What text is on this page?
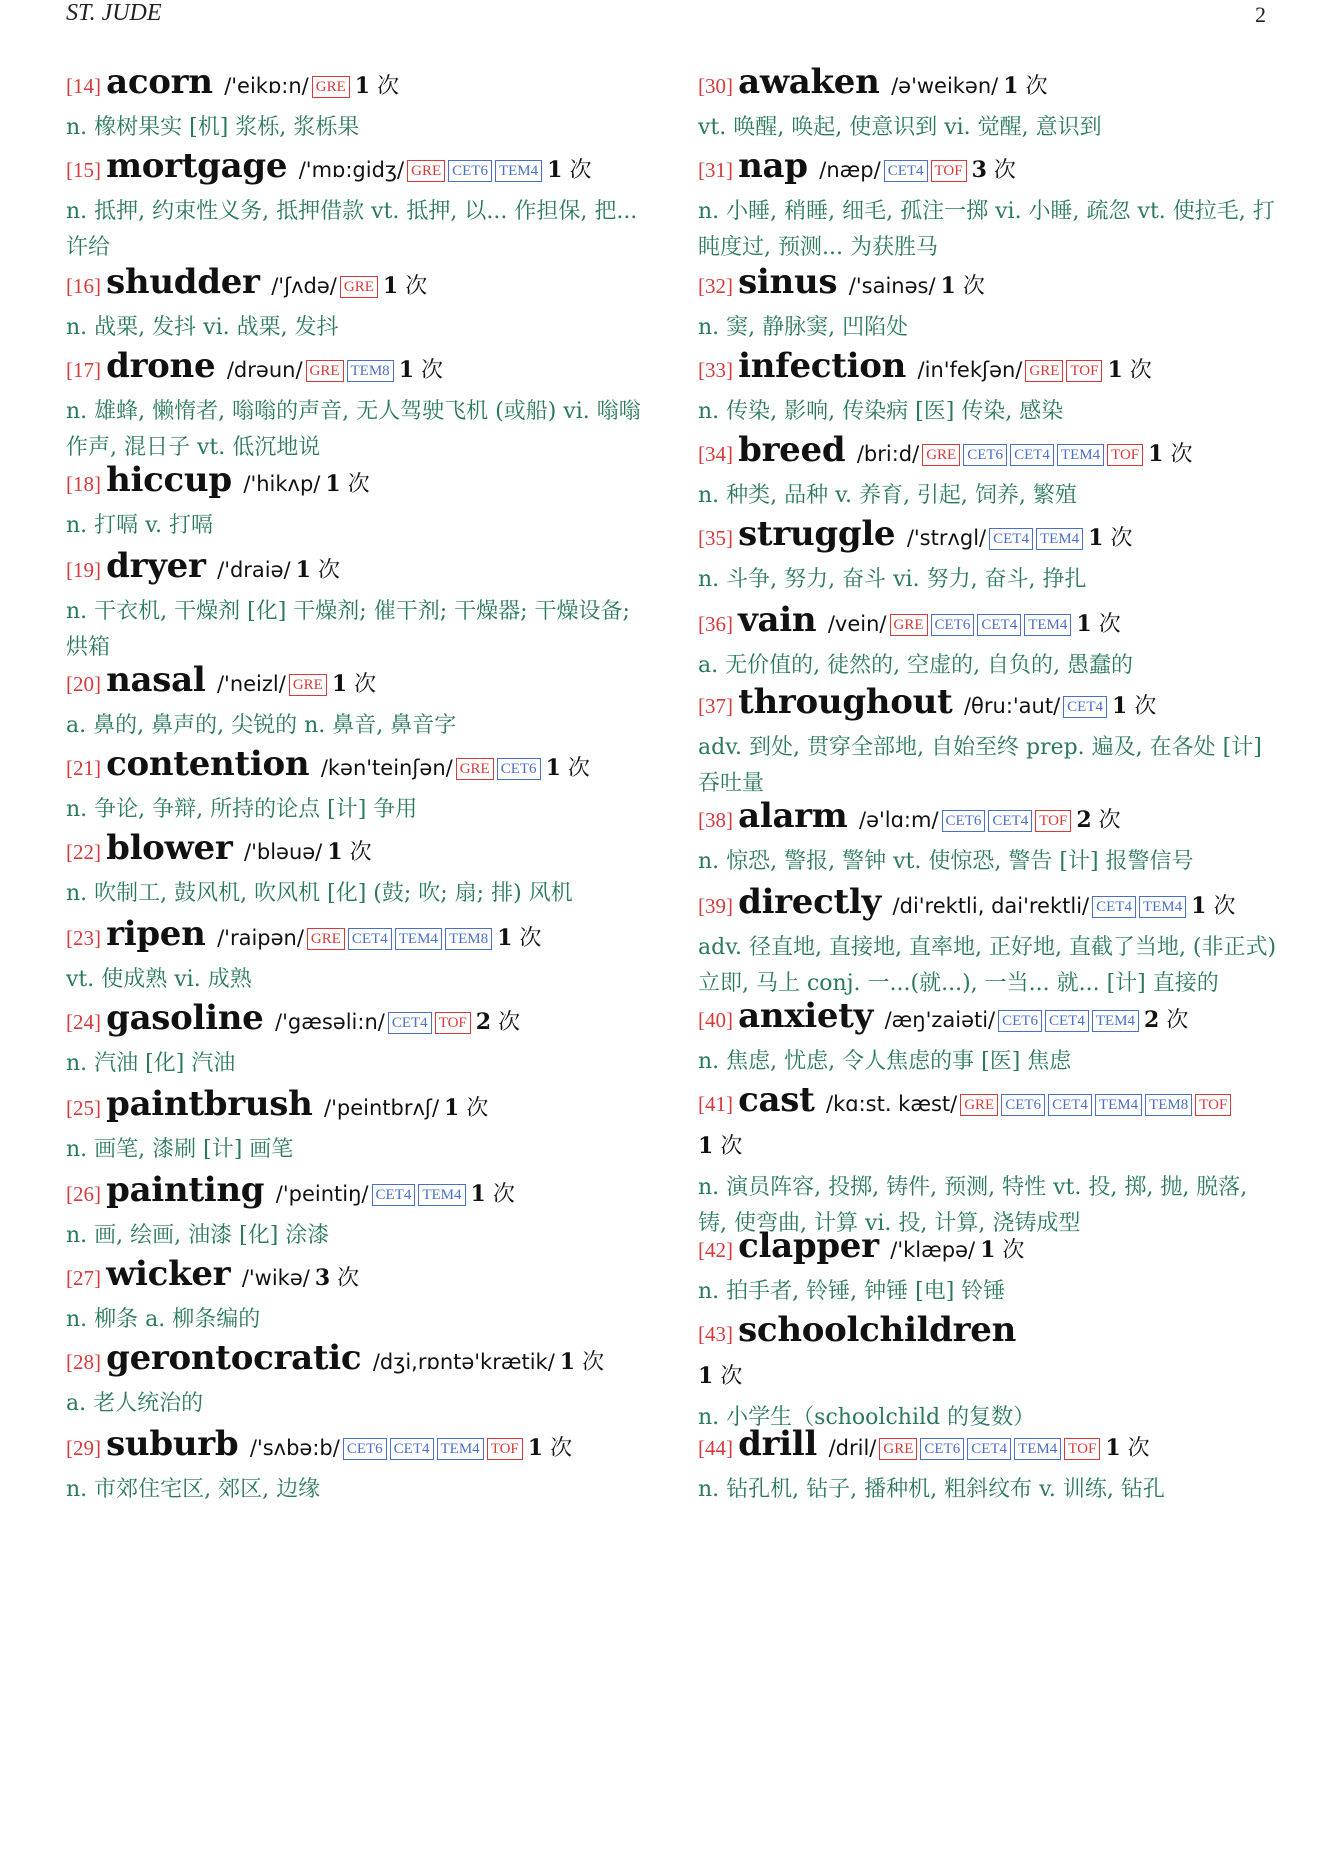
ST. JUDE	2
[14] acorn /'eikɒ:n/ GRE 1 次
n. 橡树果实 [机] 浆栎, 浆栎果
[15] mortgage /'mɒ:gidʒ/ GRE CET6 TEM4 1 次
n. 抵押, 约束性义务, 抵押借款 vt. 抵押, 以... 作担保, 把... 许给
[16] shudder /'ʃʌdə/ GRE 1 次
n. 战栗, 发抖 vi. 战栗, 发抖
[17] drone /drəun/ GRE TEM8 1 次
n. 雄蜂, 懒惰者, 嗡嗡的声音, 无人驾驶飞机 (或船) vi. 嗡嗡作声, 混日子 vt. 低沉地说
[18] hiccup /'hikʌp/ 1 次
n. 打嗝 v. 打嗝
[19] dryer /'draiə/ 1 次
n. 干衣机, 干燥剂 [化] 干燥剂; 催干剂; 干燥器; 干燥设备; 烘箱
[20] nasal /'neizl/ GRE 1 次
a. 鼻的, 鼻声的, 尖锐的 n. 鼻音, 鼻音字
[21] contention /kən'teinʃən/ GRE CET6 1 次
n. 争论, 争辩, 所持的论点 [计] 争用
[22] blower /'bləuə/ 1 次
n. 吹制工, 鼓风机, 吹风机 [化] (鼓; 吹; 扇; 排) 风机
[23] ripen /'raipən/ GRE CET4 TEM4 TEM8 1 次
vt. 使成熟 vi. 成熟
[24] gasoline /'gæsəli:n/ CET4 TOF 2 次
n. 汽油 [化] 汽油
[25] paintbrush /'peintbrʌʃ/ 1 次
n. 画笔, 漆刷 [计] 画笔
[26] painting /'peintiŋ/ CET4 TEM4 1 次
n. 画, 绘画, 油漆 [化] 涂漆
[27] wicker /'wikə/ 3 次
n. 柳条 a. 柳条编的
[28] gerontocratic /dʒi,rɒntə'krætik/ 1 次
a. 老人统治的
[29] suburb /'sʌbə:b/ CET6 CET4 TEM4 TOF 1 次
n. 市郊住宅区, 郊区, 边缘
[30] awaken /ə'weikən/ 1 次
vt. 唤醒, 唤起, 使意识到 vi. 觉醒, 意识到
[31] nap /næp/ CET4 TOF 3 次
n. 小睡, 稍睡, 细毛, 孤注一掷 vi. 小睡, 疏忽 vt. 使拉毛, 打盹度过, 预测... 为获胜马
[32] sinus /'sainəs/ 1 次
n. 窦, 静脉窦, 凹陷处
[33] infection /in'fekʃən/ GRE TOF 1 次
n. 传染, 影响, 传染病 [医] 传染, 感染
[34] breed /bri:d/ GRE CET6 CET4 TEM4 TOF 1 次
n. 种类, 品种 v. 养育, 引起, 饲养, 繁殖
[35] struggle /'strʌgl/ CET4 TEM4 1 次
n. 斗争, 努力, 奋斗 vi. 努力, 奋斗, 挣扎
[36] vain /vein/ GRE CET6 CET4 TEM4 1 次
a. 无价值的, 徒然的, 空虚的, 自负的, 愚蠢的
[37] throughout /θru:'aut/ CET4 1 次
adv. 到处, 贯穿全部地, 自始至终 prep. 遍及, 在各处 [计] 吞吐量
[38] alarm /ə'lɑ:m/ CET6 CET4 TOF 2 次
n. 惊恐, 警报, 警钟 vt. 使惊恐, 警告 [计] 报警信号
[39] directly /di'rektli, dai'rektli/ CET4 TEM4 1 次
adv. 径直地, 直接地, 直率地, 正好地, 直截了当地, (非正式) 立即, 马上 conj. 一...(就...), 一当... 就... [计] 直接的
[40] anxiety /æŋ'zaiəti/ CET6 CET4 TEM4 2 次
n. 焦虑, 忧虑, 令人焦虑的事 [医] 焦虑
[41] cast /kɑ:st. kæst/ GRE CET6 CET4 TEM4 TEM8 TOF
1 次
n. 演员阵容, 投掷, 铸件, 预测, 特性 vt. 投, 掷, 抛, 脱落, 铸, 使弯曲, 计算 vi. 投, 计算, 浇铸成型
[42] clapper /'klæpə/ 1 次
n. 拍手者, 铃锤, 钟锤 [电] 铃锤
[43] schoolchildren
1 次
n. 小学生（schoolchild 的复数）
[44] drill /dril/ GRE CET6 CET4 TEM4 TOF 1 次
n. 钻孔机, 钻子, 播种机, 粗斜纹布 v. 训练, 钻孔
